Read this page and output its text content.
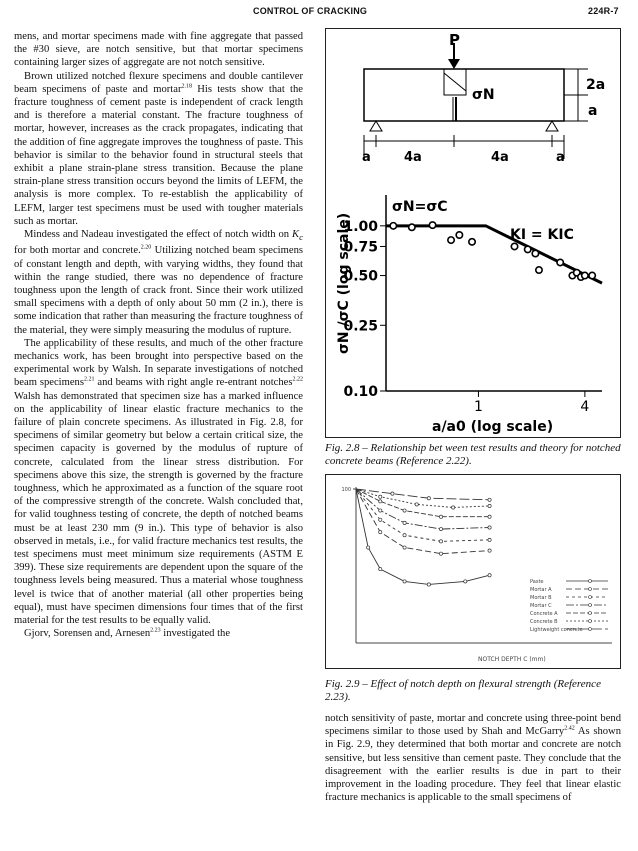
CONTROL OF CRACKING	224R-7

mens, and mortar specimens made with fine aggregate that passed the #30 sieve, are notch sensitive, but that mortar specimens containing larger sizes of aggregate are not notch sensitive.

Brown utilized notched flexure specimens and double cantilever beam specimens of paste and mortar$^{2.18}$ His tests show that the fracture toughness of cement paste is independent of crack length and is therefore a material constant. The fracture toughness of mortar, however, increases as the crack propagates, indicating that the addition of fine aggregate improves the toughness of paste. This behavior is similar to the behavior found in structural steels that exhibit a plane strain-plane stress transition. Because the plane strain-plane stress transition occurs beyond the limits of LEFM, the analysis is more complex. To re-establish the applicability of LEFM, larger test specimens must be used with tougher materials such as mortar.

Mindess and Nadeau investigated the effect of notch width on $K_c$ for both mortar and concrete.$^{2.20}$ Utilizing notched beam specimens of constant length and depth, with varying widths, they found that within the range studied, there was no dependence of fracture toughness upon the length of crack front. Since their work utilized small specimens with a depth of only about 50 mm (2 in.), there is some indication that rather than measuring the fracture toughness of the material, they were simply measuring the modulus of rupture.

The applicability of these results, and much of the other fracture mechanics work, has been brought into perspective based on the experimental work by Walsh. In separate investigations of notched beam specimens$^{2.21}$ and beams with right angle re-entrant notches$^{2.22}$ Walsh has demonstrated that specimen size has a marked influence on the applicability of linear elastic fracture mechanics to the failure of plain concrete specimens. As illustrated in Fig. 2.8, for specimens of similar geometry but below a certain critical size, the specimen capacity is governed by the modulus of rupture of concrete, calculated from the linear stress distribution. For specimens above this size, the strength is governed by the fracture toughness, which he approximated as a function of the square root of the compressive strength of the concrete. Walsh concluded that, for valid toughness testing of concrete, the depth of notched beams must be at least 230 mm (9 in.). This type of behavior is also observed in metals, i.e., for valid fracture mechanics test results, the test specimens must meet minimum size requirements (ASTM E 399). These size requirements are dependent upon the square of the toughness levels being measured. Thus a material whose toughness level is twice that of another material (all other properties being equal), must have specimen dimensions four times that of the first material for the test results to be equally valid.

Gjorv, Sorensen and, Arnesen$^{2.23}$ investigated the

P
σN
2a
a
a	4a	4a	a
1.00
0.75
0.50
0.25
0.10
1	4
σN=σC
KI = KIC
σN /σC (log scale)
a/a0 (log scale)
Fig. 2.8 – Relationship bet ween test results and theory for notched concrete beams (Reference 2.22).
100
Paste
Mortar A
Mortar B
Mortar C
Concrete A
Concrete B
Lightweight concrete
NOTCH DEPTH C (mm)
Fig. 2.9 – Effect of notch depth on flexural strength (Reference 2.23).

notch sensitivity of paste, mortar and concrete using three-point bend specimens similar to those used by Shah and McGarry$^{2.42}$ As shown in Fig. 2.9, they determined that both mortar and concrete are notch sensitive, but less sensitive than cement paste. They conclude that the disagreement with the earlier results is due in part to their improvement in the loading procedure. They feel that linear elastic fracture mechanics is applicable to the small specimens of
